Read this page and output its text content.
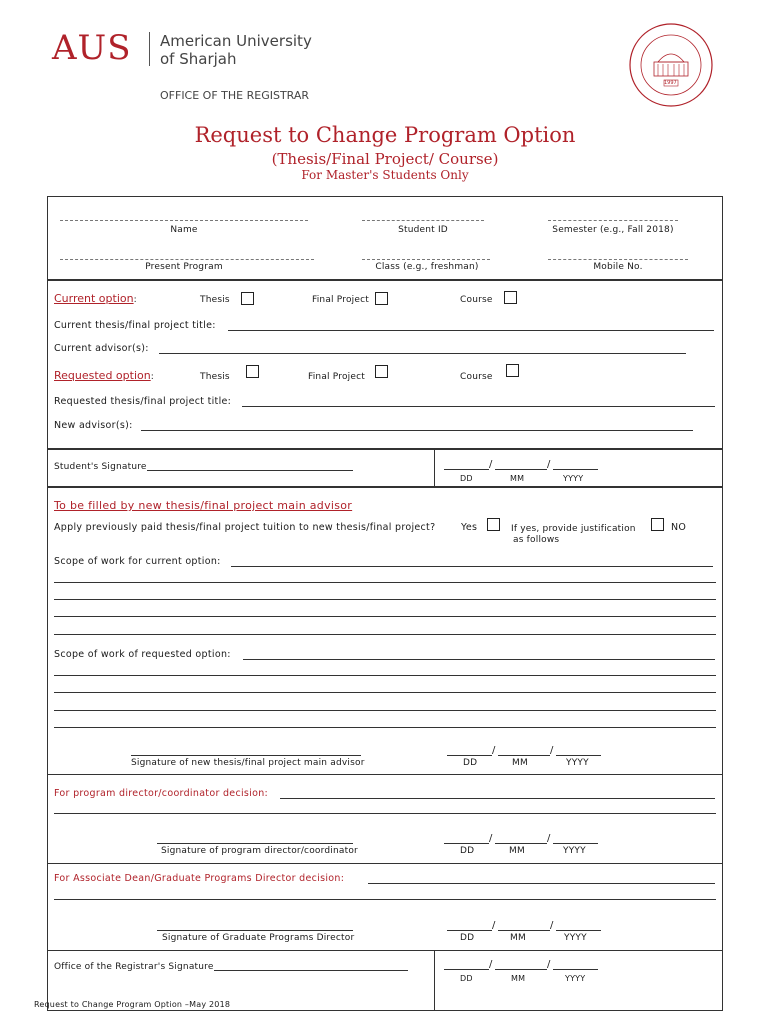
AUS American University
of Sharjah
OFFICE OF THE REGISTRAR
1997
Request to Change Program Option
(Thesis/Final Project/ Course)
For Master's Students Only
Name	Student ID	Semester (e.g., Fall 2018)
Present Program	Class (e.g., freshman)	Mobile No.
Current option:	Thesis	Final Project	Course
Current thesis/final project title:
Current advisor(s):
Requested option:	Thesis	Final Project	Course
Requested thesis/final project title:
New advisor(s):
Student's Signature	/	/
DD	MM	YYYY
To be filled by new thesis/final project main advisor
Apply previously paid thesis/final project tuition to new thesis/final project?	Yes	If yes, provide justification
as follows
NO
Scope of work for current option:
Scope of work of requested option:
Signature of new thesis/final project main advisor
/	/
DD	MM	YYYY
For program director/coordinator decision:
Signature of program director/coordinator
/	/
DD	MM	YYYY
For Associate Dean/Graduate Programs Director decision:
Signature of Graduate Programs Director
/	/
DD	MM	YYYY
Office of the Registrar's Signature	/	/
DD	MM	YYYY
Request to Change Program Option –May 2018
